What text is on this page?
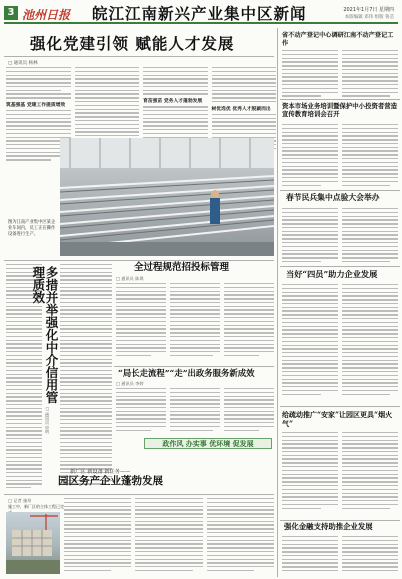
3 池州日报 皖江江南新兴产业集中区新闻	2021年1月7日 星期四
本版编辑 邓伟 组版 鲁芸
强化党建引领 赋能人才发展
□ 通讯员 杨林
筑基强基 党建工作提质增效
育苗强苗 党务人才蓬勃发展
树优选优 优秀人才脱颖而出
图为江南产业集中区某企业车间内，员工正在操作设备进行生产。
多措并举强化中介信用管理质效
□ 通讯员 申明
全过程规范招投标管理
□ 通讯员 陈琪
“局长走流程”“走”出政务服务新成效
□ 通讯员 李婷
政作风 办实事 优环境 促发展
新厂区 新设备 新任务——
园区务产企业蓬勃发展
□ 记者 施寿
施工中，新厂区的主体工程已完
省不动产登记中心调研江南不动产登记工作
资本市场业务培训暨保护中小投资者营造宣传教育培训会召开
春节民兵集中点验大会举办
当好“四员”助力企业发展
给疏动推广“安家”让园区更具“烟火气”
强化金融支持助推企业发展
